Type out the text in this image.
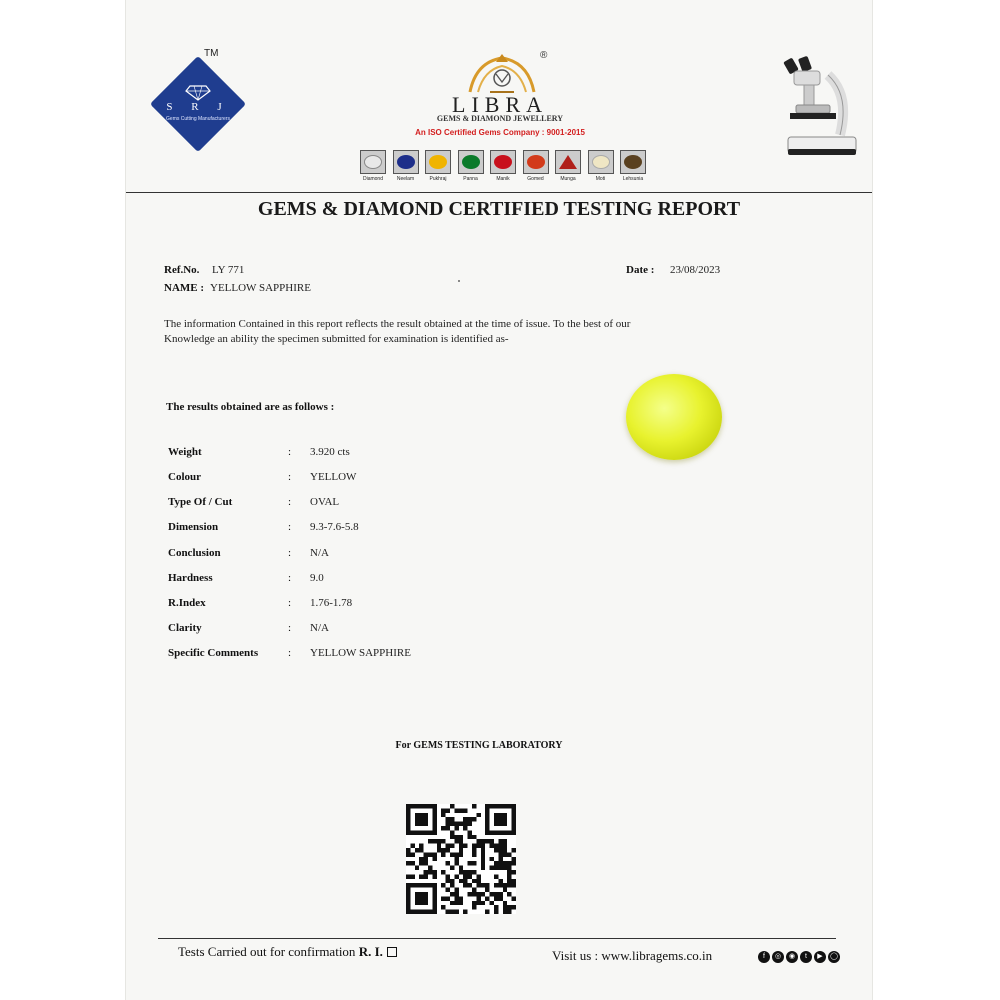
TM
S R J
Gems Cutting Manufacturers
®
LIBRA
GEMS & DIAMOND JEWELLERY
An ISO Certified Gems Company : 9001-2015
Diamond	Neelam	Pukhraj	Panna	Manik	Gomed	Munga	Moti	Lehsunia
GEMS & DIAMOND CERTIFIED TESTING REPORT
Ref.No. LY 771
NAME : YELLOW SAPPHIRE
Date : 23/08/2023
The information Contained in this report reflects the result obtained at the time of issue. To the best of our
Knowledge an ability the specimen submitted for examination is identified as-
The results obtained are as follows :
Weight	: 3.920 cts
Colour	: YELLOW
Type Of / Cut	: OVAL
Dimension	: 9.3-7.6-5.8
Conclusion	: N/A
Hardness	: 9.0
R.Index	: 1.76-1.78
Clarity	: N/A
Specific Comments	: YELLOW SAPPHIRE
For GEMS TESTING LABORATORY
Tests Carried out for confirmation R. I.	Visit us : www.libragems.co.in	f	◎	◉	t	▶	◯
